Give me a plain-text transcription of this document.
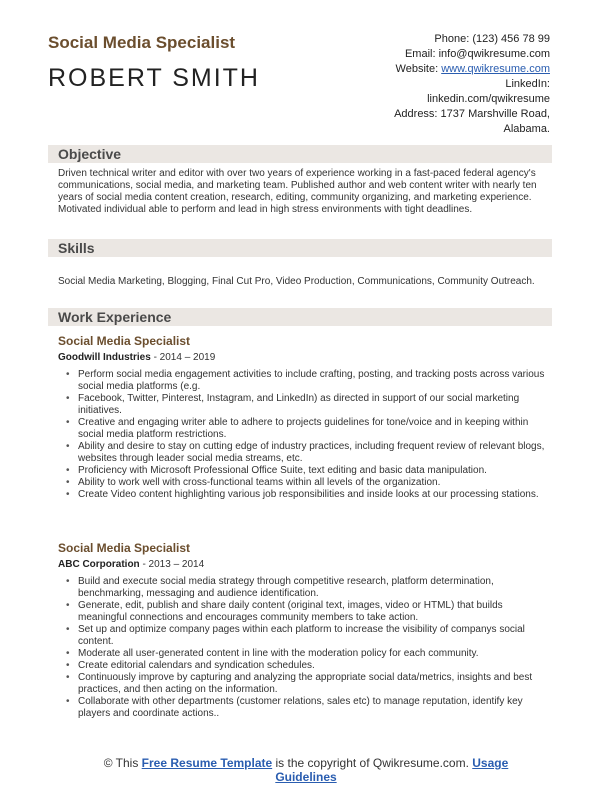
Social Media Specialist
ROBERT SMITH
Phone: (123) 456 78 99
Email: info@qwikresume.com
Website: www.qwikresume.com
LinkedIn:
linkedin.com/qwikresume
Address: 1737 Marshville Road,
Alabama.
Objective
Driven technical writer and editor with over two years of experience working in a fast-paced federal agency's communications, social media, and marketing team. Published author and web content writer with nearly ten years of social media content creation, research, editing, community organizing, and marketing experience. Motivated individual able to perform and lead in high stress environments with tight deadlines.
Skills
Social Media Marketing, Blogging, Final Cut Pro, Video Production, Communications, Community Outreach.
Work Experience
Social Media Specialist
Goodwill Industries - 2014 – 2019
• Perform social media engagement activities to include crafting, posting, and tracking posts across various social media platforms (e.g.
• Facebook, Twitter, Pinterest, Instagram, and LinkedIn) as directed in support of our social marketing initiatives.
• Creative and engaging writer able to adhere to projects guidelines for tone/voice and in keeping within social media platform restrictions.
• Ability and desire to stay on cutting edge of industry practices, including frequent review of relevant blogs, websites through leader social media streams, etc.
• Proficiency with Microsoft Professional Office Suite, text editing and basic data manipulation.
• Ability to work well with cross-functional teams within all levels of the organization.
• Create Video content highlighting various job responsibilities and inside looks at our processing stations.
Social Media Specialist
ABC Corporation - 2013 – 2014
• Build and execute social media strategy through competitive research, platform determination, benchmarking, messaging and audience identification.
• Generate, edit, publish and share daily content (original text, images, video or HTML) that builds meaningful connections and encourages community members to take action.
• Set up and optimize company pages within each platform to increase the visibility of companys social content.
• Moderate all user-generated content in line with the moderation policy for each community.
• Create editorial calendars and syndication schedules.
• Continuously improve by capturing and analyzing the appropriate social data/metrics, insights and best practices, and then acting on the information.
• Collaborate with other departments (customer relations, sales etc) to manage reputation, identify key players and coordinate actions..
© This Free Resume Template is the copyright of Qwikresume.com. Usage
Guidelines
